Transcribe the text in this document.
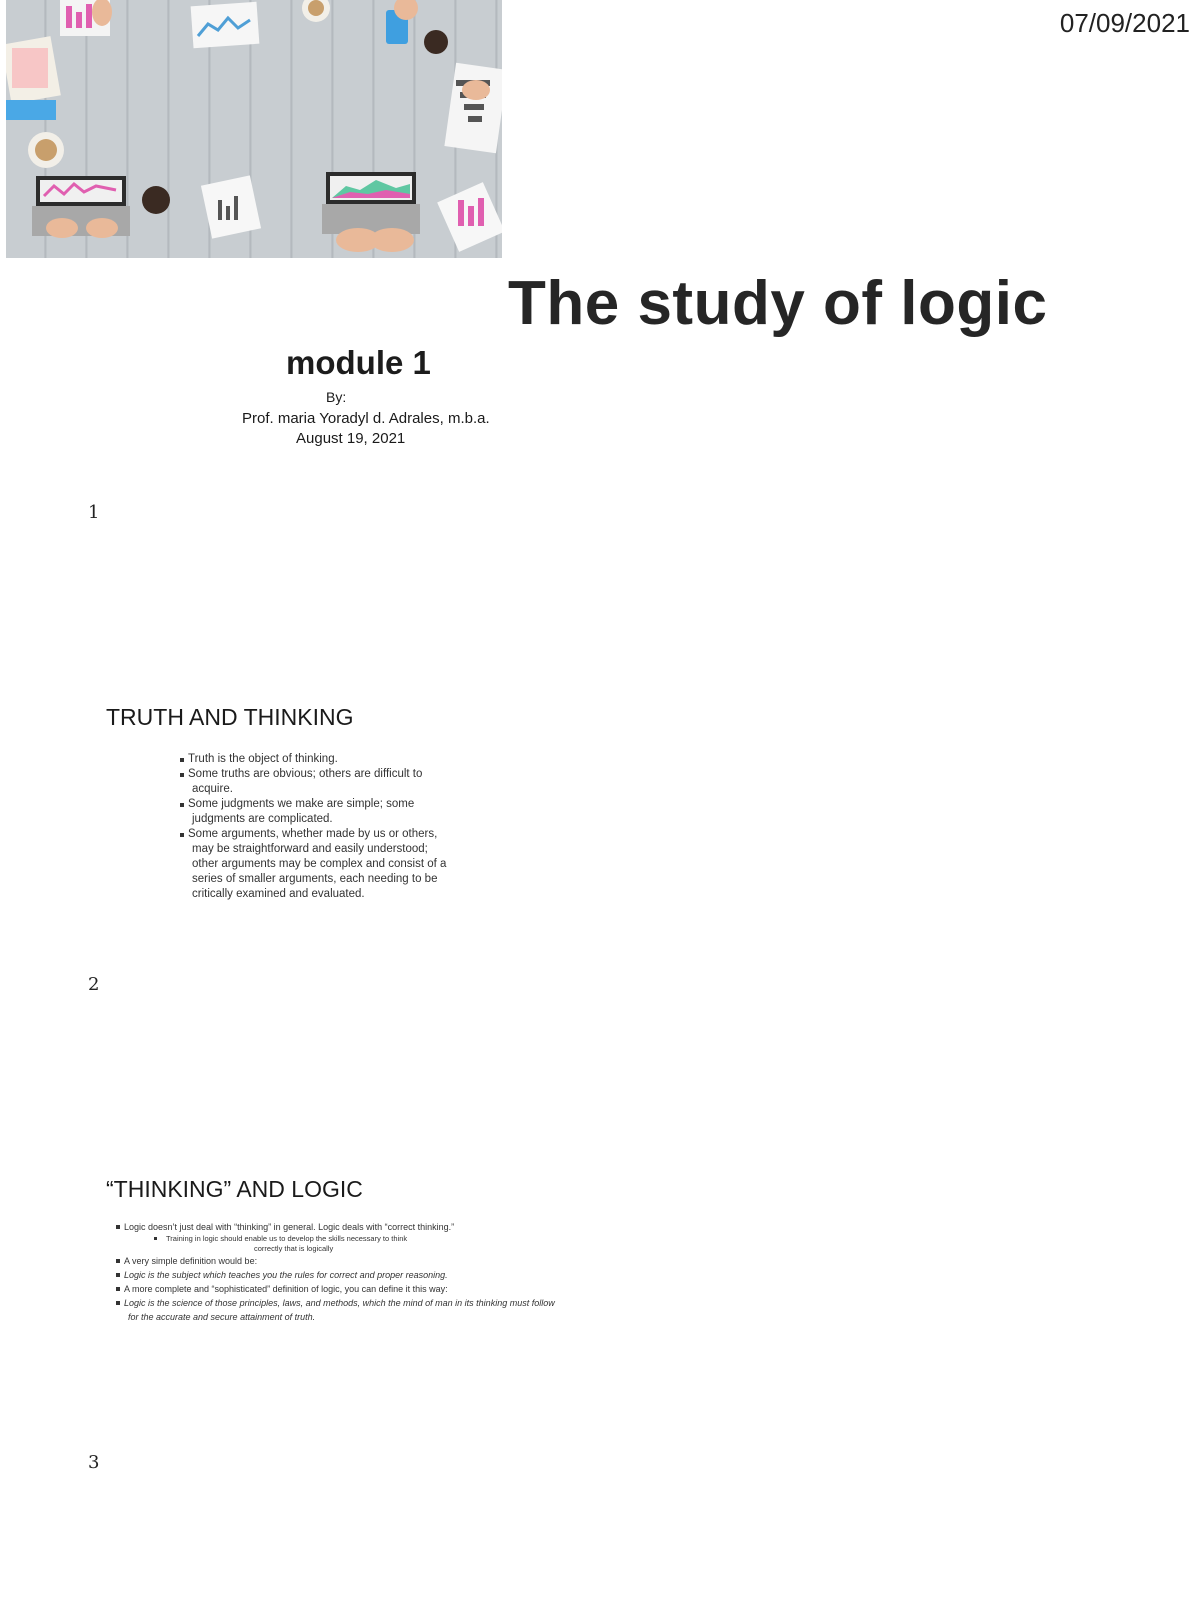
07/09/2021
The study of logic
module 1
By:
Prof. maria Yoradyl d. Adrales, m.b.a.
August 19, 2021
1
TRUTH AND THINKING
Truth is the object of thinking.
Some truths are obvious; others are difficult to acquire.
Some judgments we make are simple; some judgments are complicated.
Some arguments, whether made by us or others, may be straightforward and easily understood; other arguments may be complex and consist of a series of smaller arguments, each needing to be critically examined and evaluated.
2
“THINKING” AND LOGIC
Logic doesn’t just deal with “thinking” in general. Logic deals with “correct thinking.”
Training in logic should enable us to develop the skills necessary to think
correctly that is logically
A very simple definition would be:
Logic is the subject which teaches you the rules for correct and proper reasoning.
A more complete and “sophisticated” definition of logic, you can define it this way:
Logic is the science of those principles, laws, and methods, which the mind of man in its thinking must follow for the accurate and secure attainment of truth.
3
